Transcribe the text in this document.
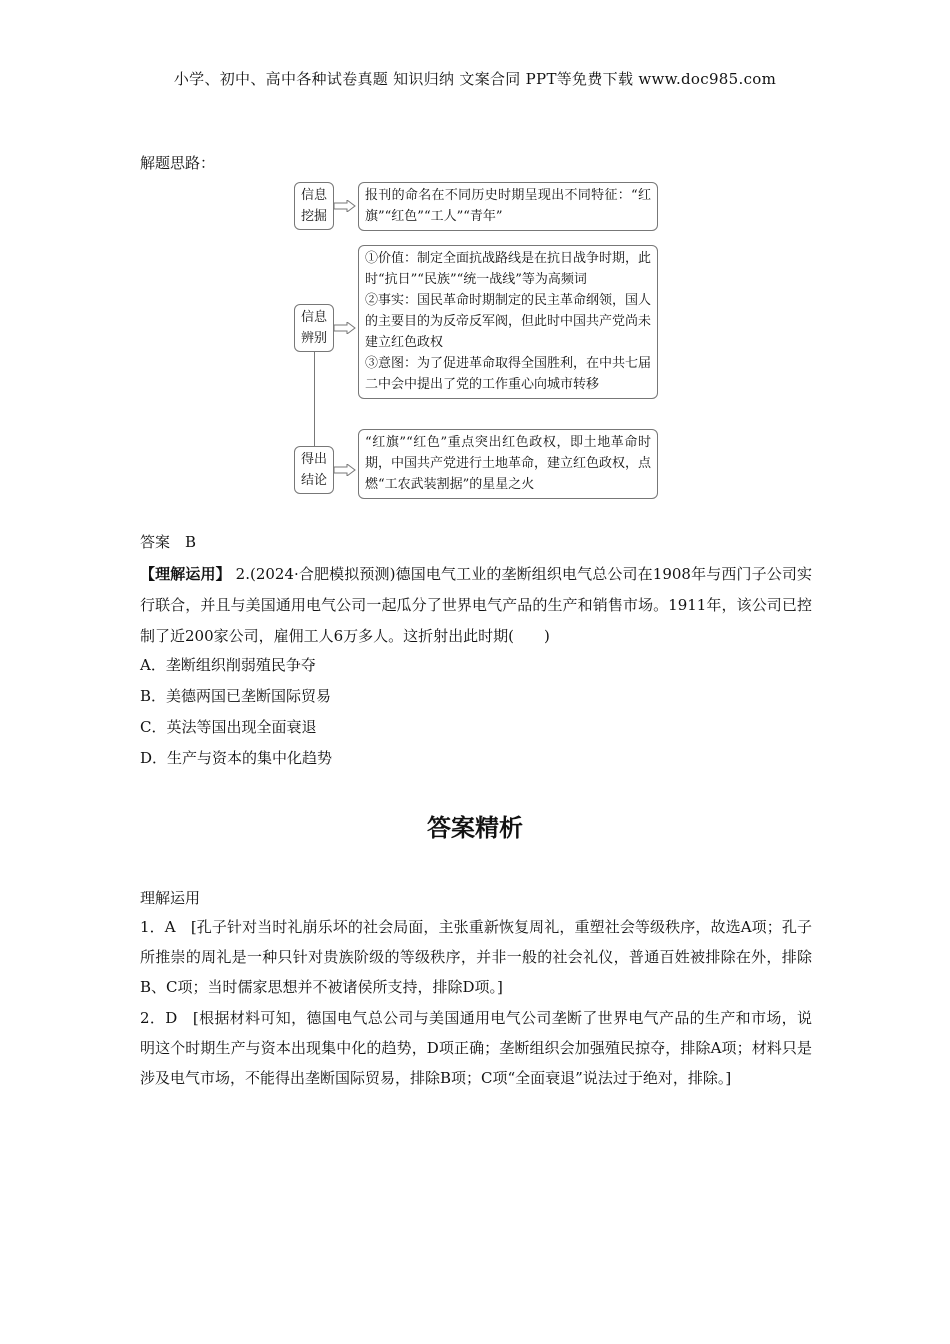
小学、初中、高中各种试卷真题 知识归纳 文案合同 PPT等免费下载 www.doc985.com
解题思路：
信息挖掘

报刊的命名在不同历史时期呈现出不同特征：“红旗”“红色”“工人”“青年”

信息辨别

①价值：制定全面抗战路线是在抗日战争时期，此时“抗日”“民族”“统一战线”等为高频词

②事实：国民革命时期制定的民主革命纲领，国人的主要目的为反帝反军阀，但此时中国共产党尚未建立红色政权

③意图：为了促进革命取得全国胜利，在中共七届二中会中提出了党的工作重心向城市转移

得出结论

“红旗”“红色”重点突出红色政权，即土地革命时期，中国共产党进行土地革命，建立红色政权，点燃“工农武装割据”的星星之火

答案　B
【理解运用】 2.(2024·合肥模拟预测)德国电气工业的垄断组织电气总公司在1908年与西门子公司实行联合，并且与美国通用电气公司一起瓜分了世界电气产品的生产和销售市场。1911年，该公司已控制了近200家公司，雇佣工人6万多人。这折射出此时期(　　)
A．垄断组织削弱殖民争夺
B．美德两国已垄断国际贸易
C．英法等国出现全面衰退
D．生产与资本的集中化趋势
答案精析
理解运用

1．A　[孔子针对当时礼崩乐坏的社会局面，主张重新恢复周礼，重塑社会等级秩序，故选A项；孔子所推崇的周礼是一种只针对贵族阶级的等级秩序，并非一般的社会礼仪，普通百姓被排除在外，排除B、C项；当时儒家思想并不被诸侯所支持，排除D项。]

2．D　[根据材料可知，德国电气总公司与美国通用电气公司垄断了世界电气产品的生产和市场，说明这个时期生产与资本出现集中化的趋势，D项正确；垄断组织会加强殖民掠夺，排除A项；材料只是涉及电气市场，不能得出垄断国际贸易，排除B项；C项“全面衰退”说法过于绝对，排除。]
